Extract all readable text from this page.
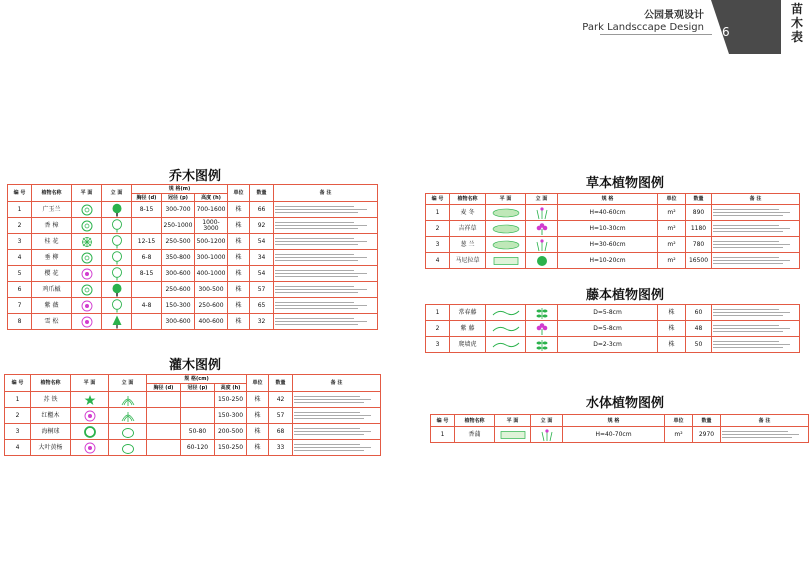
公园景观设计
Park Landsccape Design 6
苗木表
乔木图例
编 号	植物名称	平 面	立 面	规 格(m)			单位	数量	备 注
				胸径 (d)	冠径 (p)	高度 (h)			
1	广玉兰			8-15	300-700	700-1600	株	66	

2	香 樟				250-1000	1000-3000	株	92	

3	桂 花			12-15	250-500	500-1200	株	54	

4	垂 柳			6-8	350-800	300-1000	株	34	

5	樱 花			8-15	300-600	400-1000	株	54	

6	鸡爪槭				250-600	300-500	株	57	

7	紫 薇			4-8	150-300	250-600	株	65	

8	雪 松				300-600	400-600	株	32	
灌木图例
编 号	植物名称	平 面	立 面	规 格(cm)			单位	数量	备 注
				胸径 (d)	冠径 (p)	高度 (h)			
1	苏 铁					150-250	株	42	

2	红檵木					150-300	株	57	

3	海桐球				50-80	200-500	株	68	

4	大叶黄杨				60-120	150-250	株	33	
草本植物图例
编 号	植物名称	平 面	立 面	规 格	单位	数量	备 注
1	麦 冬			H=40-60cm	m²	890	

2	吉祥草			H=10-30cm	m²	1180	

3	葱 兰			H=30-60cm	m²	780	

4	马尼拉草			H=10-20cm	m²	16500	
藤本植物图例
1	常春藤			D=5-8cm	株	60	

2	紫 藤			D=5-8cm	株	48	

3	爬墙虎			D=2-3cm	株	50	
水体植物图例
编 号	植物名称	平 面	立 面	规 格	单位	数量	备 注
1	香蒲			H=40-70cm	m²	2970	
